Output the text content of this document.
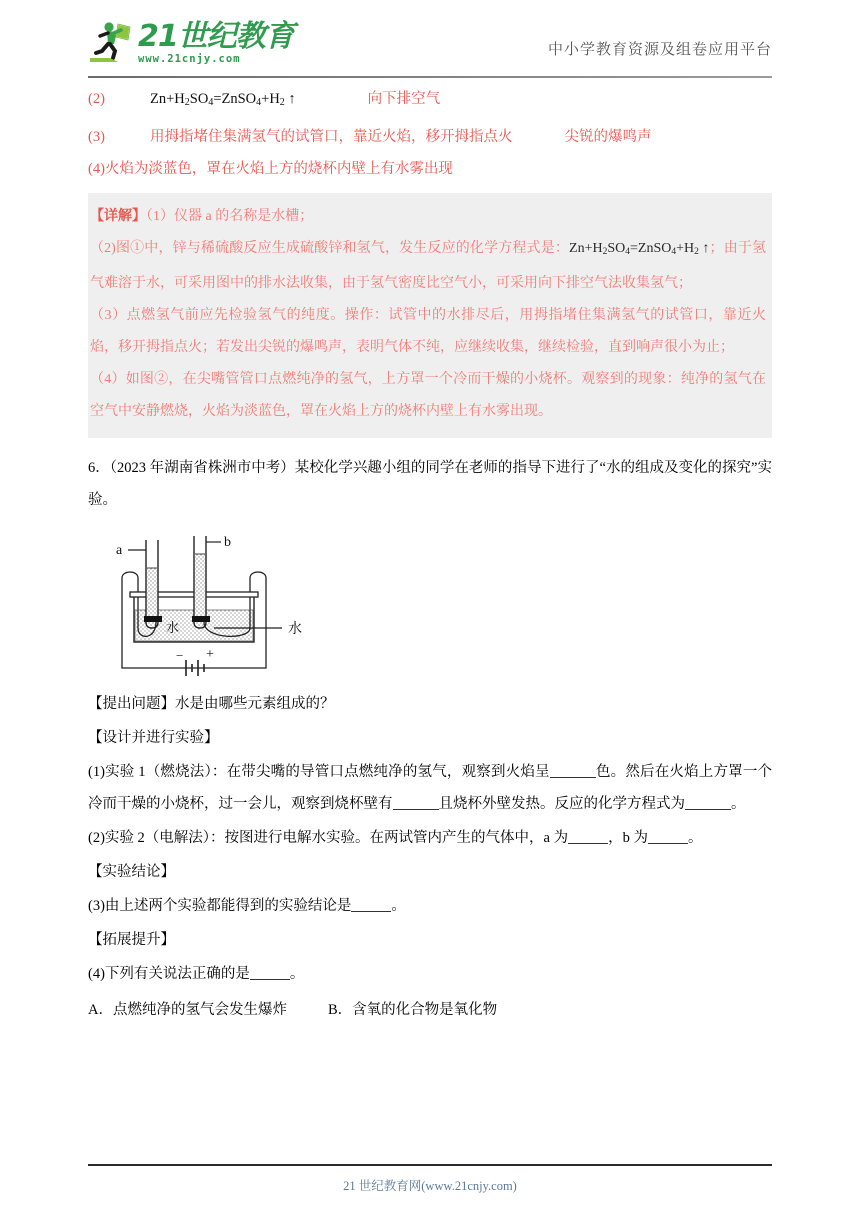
21世纪教育
www.21cnjy.com
中小学教育资源及组卷应用平台
(2)	$Zn+H_2SO_4=ZnSO_4+H_2$ ↑	向下排空气
(3)	用拇指堵住集满氢气的试管口，靠近火焰，移开拇指点火	尖锐的爆鸣声
(4)火焰为淡蓝色，罩在火焰上方的烧杯内壁上有水雾出现

【详解】（1）仪器 a 的名称是水槽；

（2)图①中，锌与稀硫酸反应生成硫酸锌和氢气，发生反应的化学方程式是：$Zn+H_2SO_4=ZnSO_4+H_2$ ↑；由于氢气难溶于水，可采用图中的排水法收集，由于氢气密度比空气小，可采用向下排空气法收集氢气；

（3）点燃氢气前应先检验氢气的纯度。操作：试管中的水排尽后，用拇指堵住集满氢气的试管口，靠近火焰，移开拇指点火；若发出尖锐的爆鸣声，表明气体不纯，应继续收集，继续检验，直到响声很小为止；

（4）如图②，在尖嘴管管口点燃纯净的氢气，上方罩一个冷而干燥的小烧杯。观察到的现象：纯净的氢气在空气中安静燃烧，火焰为淡蓝色，罩在火焰上方的烧杯内壁上有水雾出现。

6．（2023 年湖南省株洲市中考）某校化学兴趣小组的同学在老师的指导下进行了“水的组成及变化的探究”实验。
− +
a
b
水	水
【提出问题】水是由哪些元素组成的？
【设计并进行实验】
(1)实验 1（燃烧法）：在带尖嘴的导管口点燃纯净的氢气，观察到火焰呈	色。然后在火焰上方罩一个冷而干燥的小烧杯，过一会儿，观察到烧杯壁有	且烧杯外壁发热。反应的化学方程式为	。
(2)实验 2（电解法）：按图进行电解水实验。在两试管内产生的气体中，a 为	，b 为	。
【实验结论】
(3)由上述两个实验都能得到的实验结论是	。
【拓展提升】
(4)下列有关说法正确的是	。
A．点燃纯净的氢气会发生爆炸	B．含氧的化合物是氧化物
21 世纪教育网(www.21cnjy.com)
